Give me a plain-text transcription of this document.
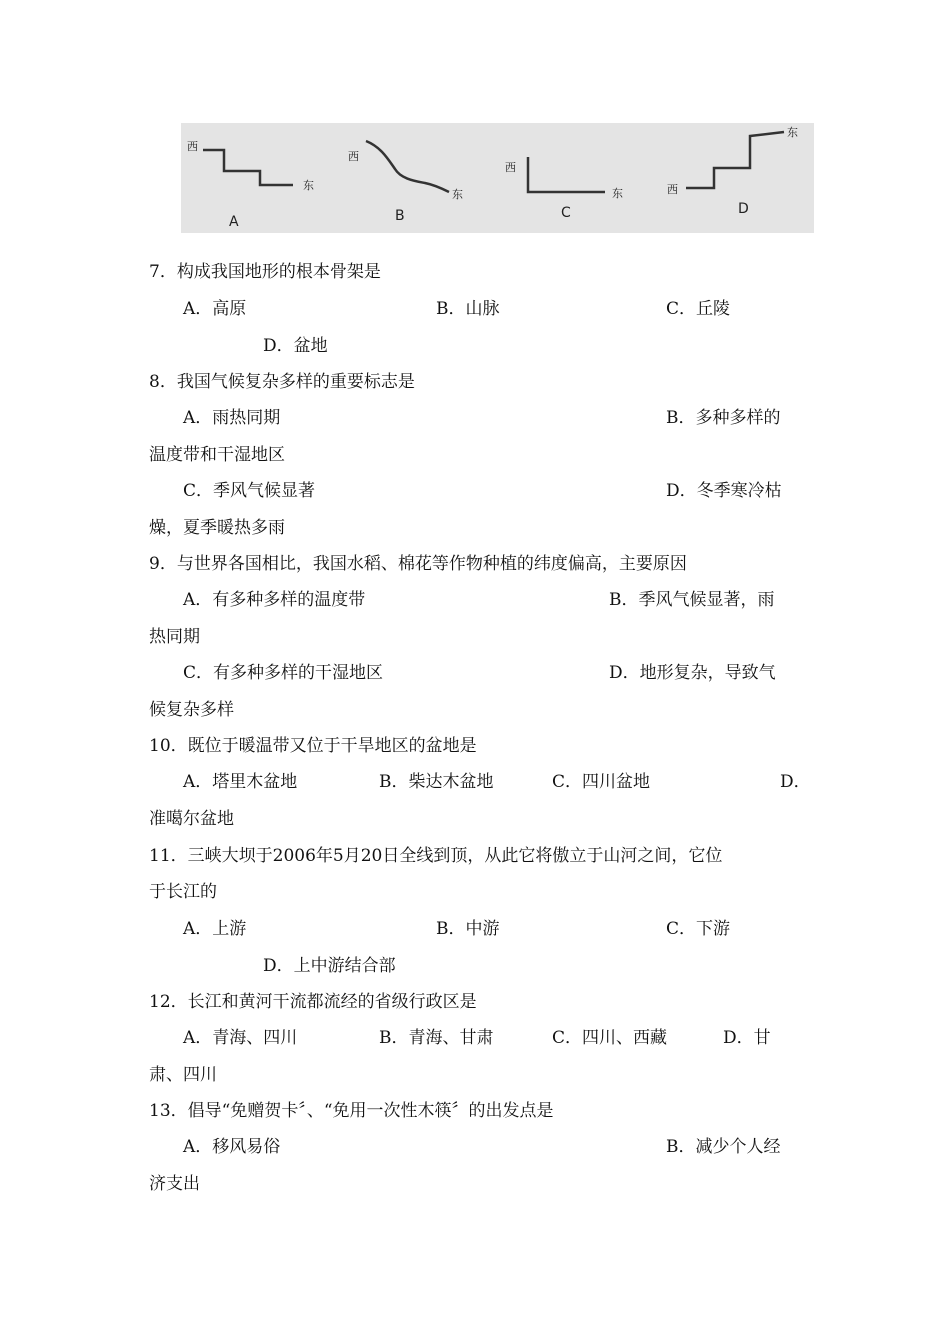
西
东
A
西
东
B
西
东
C
西
东
D
7．构成我国地形的根本骨架是
A．高原	B．山脉	C．丘陵
D．盆地
8．我国气候复杂多样的重要标志是
A．雨热同期	B．多种多样的
温度带和干湿地区
C．季风气候显著	D．冬季寒冷枯
燥，夏季暖热多雨
9．与世界各国相比，我国水稻、棉花等作物种植的纬度偏高，主要原因
A．有多种多样的温度带	B．季风气候显著，雨
热同期
C．有多种多样的干湿地区	D．地形复杂，导致气
候复杂多样
10．既位于暖温带又位于干旱地区的盆地是
A．塔里木盆地	B．柴达木盆地	C．四川盆地	D．
准噶尔盆地
11．三峡大坝于2006年5月20日全线到顶，从此它将傲立于山河之间，它位
于长江的
A．上游	B．中游	C．下游
D．上中游结合部
12．长江和黄河干流都流经的省级行政区是
A．青海、四川	B．青海、甘肃	C．四川、西藏	D．甘
肃、四川
13．倡导“免赠贺卡〞、“免用一次性木筷〞的出发点是
A．移风易俗	B．减少个人经
济支出
